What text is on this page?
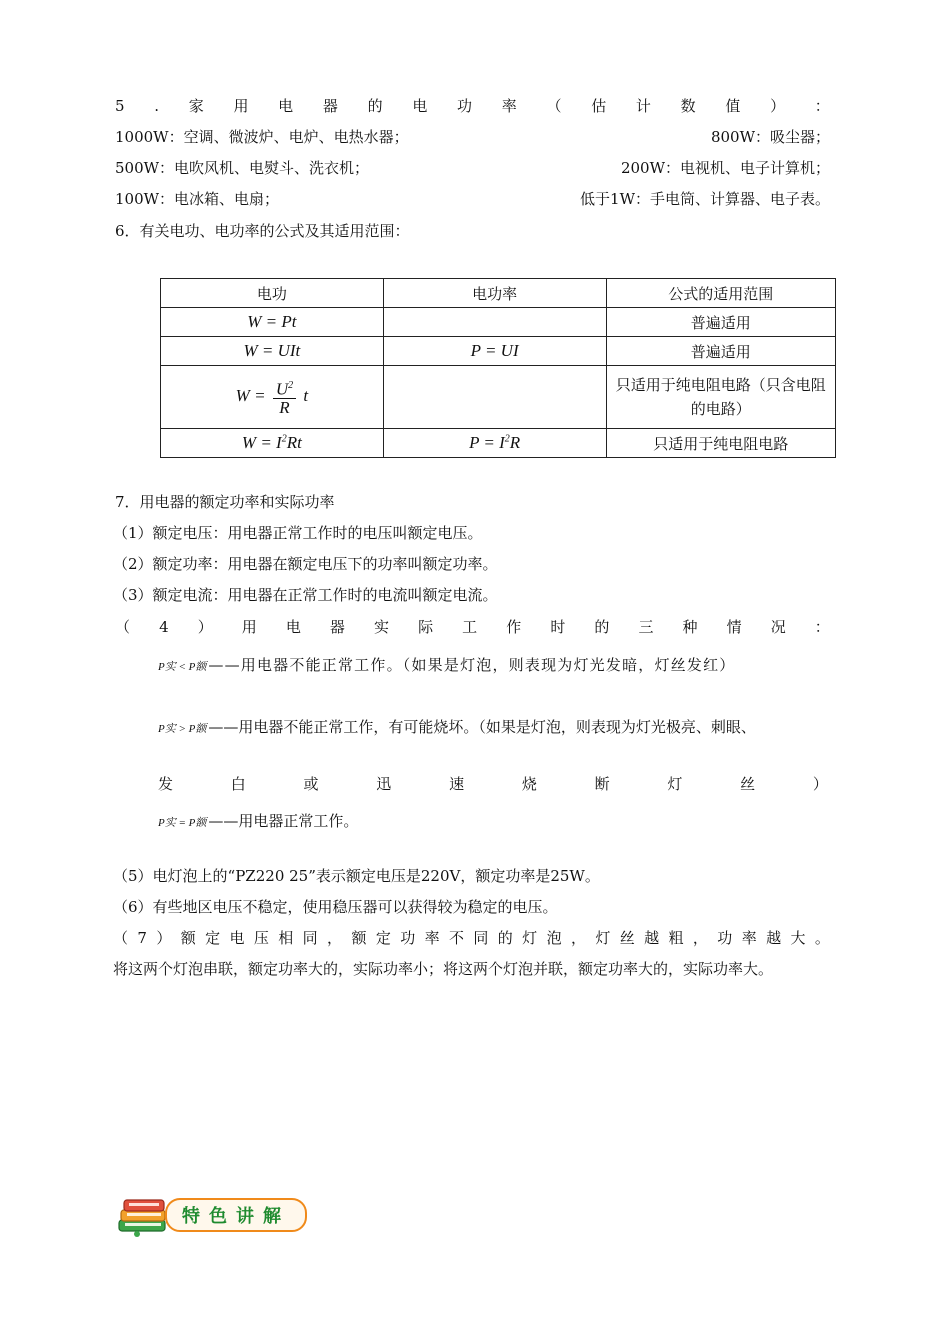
5 . 家 用 电 器 的 电 功 率 （ 估 计 数 值 ） ：
1000W：空调、微波炉、电炉、电热水器；	800W：吸尘器；
500W：电吹风机、电熨斗、洗衣机；	200W：电视机、电子计算机；
100W：电冰箱、电扇；	低于1W：手电筒、计算器、电子表。
6．有关电功、电功率的公式及其适用范围：
电功	电功率	公式的适用范围
W = Pt		普遍适用
W = UIt	P = UI	普遍适用
$W = \frac{U^2}{R}$ t		只适用于纯电阻电路（只含电阻的电路）
$W = I^2Rt$	$P = I^2R$	只适用于纯电阻电路
7．用电器的额定功率和实际功率
（1）额定电压：用电器正常工作时的电压叫额定电压。
（2）额定功率：用电器在额定电压下的功率叫额定功率。
（3）额定电流：用电器在正常工作时的电流叫额定电流。
（ 4 ） 用 电 器 实 际 工 作 时 的 三 种 情 况 ：
P实 < P额 ——用电器不能正常工作。（如果是灯泡，则表现为灯光发暗，灯丝发红）
P实 > P额 ——用电器不能正常工作，有可能烧坏。（如果是灯泡，则表现为灯光极亮、刺眼、
发	白	或	迅	速	烧	断	灯	丝	）
P实 = P额 ——用电器正常工作。
（5）电灯泡上的“PZ220 25”表示额定电压是220V，额定功率是25W。
（6）有些地区电压不稳定，使用稳压器可以获得较为稳定的电压。
（ 7 ） 额 定 电 压 相 同 ， 额 定 功 率 不 同 的 灯 泡 ， 灯 丝 越 粗 ， 功 率 越 大 。
将这两个灯泡串联，额定功率大的，实际功率小；将这两个灯泡并联，额定功率大的，实际功率大。
特色讲解
